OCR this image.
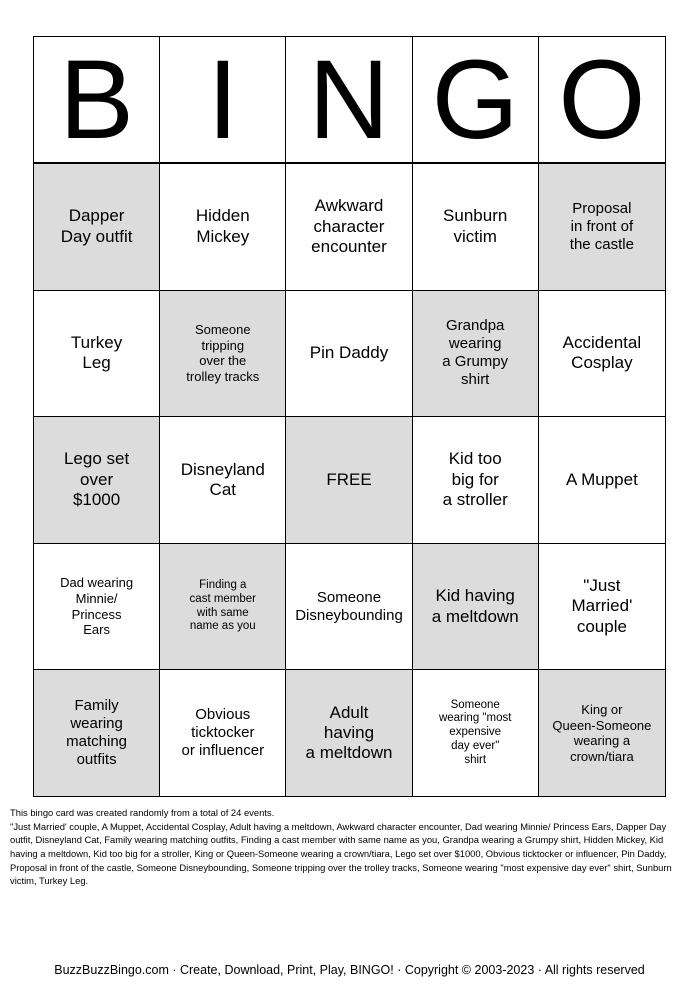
B I N G O
Dapper
Day outfit
Hidden
Mickey
Awkward
character
encounter
Sunburn
victim
Proposal
in front of
the castle
Turkey
Leg
Someone
tripping
over the
trolley tracks
Pin Daddy
Grandpa
wearing
a Grumpy
shirt
Accidental
Cosplay
Lego set
over
$1000
Disneyland
Cat
FREE
Kid too
big for
a stroller
A Muppet
Dad wearing
Minnie/
Princess
Ears
Finding a
cast member
with same
name as you
Someone
Disneybounding
Kid having
a meltdown
"Just
Married'
couple
Family
wearing
matching
outfits
Obvious
ticktocker
or influencer
Adult
having
a meltdown
Someone
wearing "most
expensive
day ever"
shirt
King or
Queen-Someone
wearing a
crown/tiara
This bingo card was created randomly from a total of 24 events.
"Just Married' couple, A Muppet, Accidental Cosplay, Adult having a meltdown, Awkward character encounter, Dad wearing Minnie/ Princess Ears, Dapper Day outfit, Disneyland Cat, Family wearing matching outfits, Finding a cast member with same name as you, Grandpa wearing a Grumpy shirt, Hidden Mickey, Kid having a meltdown, Kid too big for a stroller, King or Queen-Someone wearing a crown/tiara, Lego set over $1000, Obvious ticktocker or influencer, Pin Daddy, Proposal in front of the castle, Someone Disneybounding, Someone tripping over the trolley tracks, Someone wearing "most expensive day ever" shirt, Sunburn victim, Turkey Leg.
BuzzBuzzBingo.com · Create, Download, Print, Play, BINGO! · Copyright © 2003-2023 · All rights reserved
